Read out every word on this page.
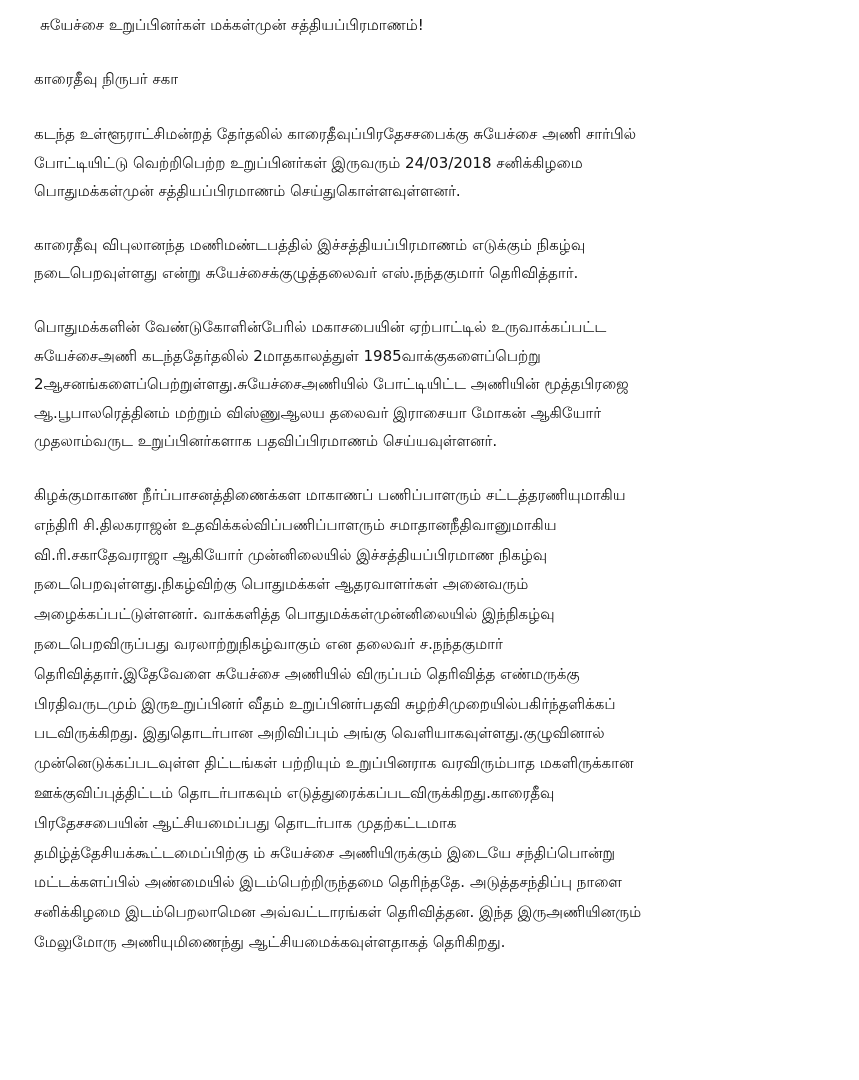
சுயேச்சை உறுப்பினர்கள் மக்கள்முன் சத்தியப்பிரமாணம்!
காரைதீவு நிருபர் சகா
கடந்த உள்ளூராட்சிமன்றத் தேர்தலில் காரைதீவுப்பிரதேசசபைக்கு சுயேச்சை அணி சார்பில்
போட்டியிட்டு வெற்றிபெற்ற உறுப்பினர்கள் இருவரும் 24/03/2018 சனிக்கிழமை
பொதுமக்கள்முன் சத்தியப்பிரமாணம் செய்துகொள்ளவுள்ளனர்.
காரைதீவு விபுலானந்த மணிமண்டபத்தில் இச்சத்தியப்பிரமாணம் எடுக்கும் நிகழ்வு
நடைபெறவுள்ளது என்று சுயேச்சைக்குழுத்தலைவர் எஸ்.நந்தகுமார் தெரிவித்தார்.
பொதுமக்களின் வேண்டுகோளின்பேரில் மகாசபையின் ஏற்பாட்டில் உருவாக்கப்பட்ட
சுயேச்சைஅணி கடந்ததேர்தலில் 2மாதகாலத்துள் 1985வாக்குகளைப்பெற்று
2ஆசனங்களைப்பெற்றுள்ளது.சுயேச்சைஅணியில் போட்டியிட்ட அணியின் மூத்தபிரஜை
ஆ.பூபாலரெத்தினம் மற்றும் விஸ்ணுஆலய தலைவர் இராசையா மோகன் ஆகியோர்
முதலாம்வருட உறுப்பினர்களாக பதவிப்பிரமாணம் செய்யவுள்ளனர்.
கிழக்குமாகாண நீர்ப்பாசனத்திணைக்கள மாகாணப் பணிப்பாளரும் சட்டத்தரணியுமாகிய
எந்திரி சி.திலகராஜன் உதவிக்கல்விப்பணிப்பாளரும் சமாதானநீதிவானுமாகிய
வி.ரி.சகாதேவராஜா ஆகியோர் முன்னிலையில் இச்சத்தியப்பிரமாண நிகழ்வு
நடைபெறவுள்ளது.நிகழ்விற்கு பொதுமக்கள் ஆதரவாளர்கள் அனைவரும்
அழைக்கப்பட்டுள்ளனர். வாக்களித்த பொதுமக்கள்முன்னிலையில் இந்நிகழ்வு
நடைபெறவிருப்பது வரலாற்றுநிகழ்வாகும் என தலைவர் ச.நந்தகுமார்
தெரிவித்தார்.இதேவேளை சுயேச்சை அணியில் விருப்பம் தெரிவித்த எண்மருக்கு
பிரதிவருடமும் இருஉறுப்பினர் வீதம் உறுப்பினர்பதவி சுழற்சிமுறையில்பகிர்ந்தளிக்கப்
படவிருக்கிறது. இதுதொடர்பான அறிவிப்பும் அங்கு வெளியாகவுள்ளது.குழுவினால்
முன்னெடுக்கப்படவுள்ள திட்டங்கள் பற்றியும் உறுப்பினராக வரவிரும்பாத மகளிருக்கான
ஊக்குவிப்புத்திட்டம் தொடர்பாகவும் எடுத்துரைக்கப்படவிருக்கிறது.காரைதீவு
பிரதேசசபையின் ஆட்சியமைப்பது தொடர்பாக முதற்கட்டமாக
தமிழ்த்தேசியக்கூட்டமைப்பிற்கு ம் சுயேச்சை அணியிருக்கும் இடையே சந்திப்பொன்று
மட்டக்களப்பில் அண்மையில் இடம்பெற்றிருந்தமை தெரிந்ததே. அடுத்தசந்திப்பு நாளை
சனிக்கிழமை இடம்பெறலாமென அவ்வட்டாரங்கள் தெரிவித்தன. இந்த இருஅணியினரும்
மேலுமோரு அணியுமிணைந்து ஆட்சியமைக்கவுள்ளதாகத் தெரிகிறது.
